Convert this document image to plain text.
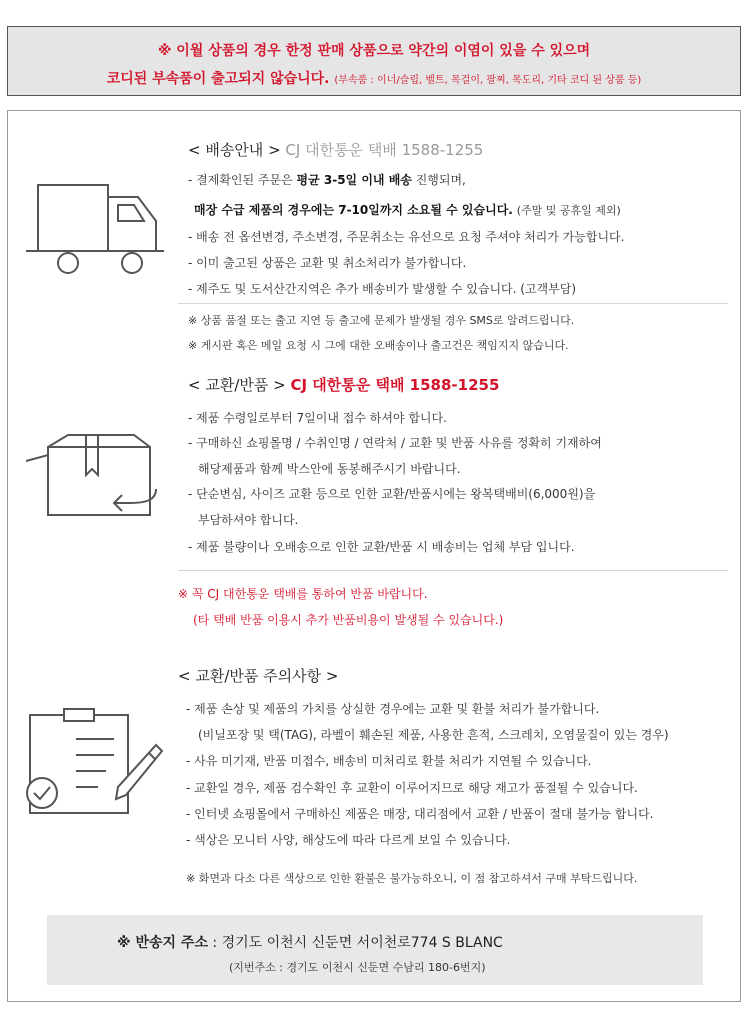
※ 이월 상품의 경우 한정 판매 상품으로 약간의 이염이 있을 수 있으며
코디된 부속품이 출고되지 않습니다. (부속품 : 이너/슬립, 벨트, 목걸이, 팔찌, 목도리, 기타 코디 된 상품 등)
< 배송안내 > CJ 대한통운 택배 1588-1255
- 결제확인된 주문은 평균 3-5일 이내 배송 진행되며,
매장 수급 제품의 경우에는 7-10일까지 소요될 수 있습니다. (주말 및 공휴일 제외)
- 배송 전 옵션변경, 주소변경, 주문취소는 유선으로 요청 주셔야 처리가 가능합니다.
- 이미 출고된 상품은 교환 및 취소처리가 불가합니다.
- 제주도 및 도서산간지역은 추가 배송비가 발생할 수 있습니다. (고객부담)
※ 상품 품절 또는 출고 지연 등 출고에 문제가 발생될 경우 SMS로 알려드립니다.
※ 게시판 혹은 메일 요청 시 그에 대한 오배송이나 출고건은 책임지지 않습니다.
< 교환/반품 > CJ 대한통운 택배 1588-1255
- 제품 수령일로부터 7일이내 접수 하셔야 합니다.
- 구매하신 쇼핑몰명 / 수취인명 / 연락처 / 교환 및 반품 사유를 정확히 기재하여
해당제품과 함께 박스안에 동봉해주시기 바랍니다.
- 단순변심, 사이즈 교환 등으로 인한 교환/반품시에는 왕복택배비(6,000원)을
부담하셔야 합니다.
- 제품 불량이나 오배송으로 인한 교환/반품 시 배송비는 업체 부담 입니다.
※ 꼭 CJ 대한통운 택배를 통하여 반품 바랍니다.
(타 택배 반품 이용시 추가 반품비용이 발생될 수 있습니다.)
< 교환/반품 주의사항 >
- 제품 손상 및 제품의 가치를 상실한 경우에는 교환 및 환불 처리가 불가합니다.
(비닐포장 및 택(TAG), 라벨이 훼손된 제품, 사용한 흔적, 스크레치, 오염물질이 있는 경우)
- 사유 미기재, 반품 미접수, 배송비 미처리로 환불 처리가 지연될 수 있습니다.
- 교환일 경우, 제품 검수확인 후 교환이 이루어지므로 해당 재고가 품절될 수 있습니다.
- 인터넷 쇼핑몰에서 구매하신 제품은 매장, 대리점에서 교환 / 반품이 절대 불가능 합니다.
- 색상은 모니터 사양, 해상도에 따라 다르게 보일 수 있습니다.
※ 화면과 다소 다른 색상으로 인한 환불은 불가능하오니, 이 점 참고하셔서 구매 부탁드립니다.
※ 반송지 주소 : 경기도 이천시 신둔면 서이천로774 S BLANC
(지번주소 : 경기도 이천시 신둔면 수남리 180-6번지)
